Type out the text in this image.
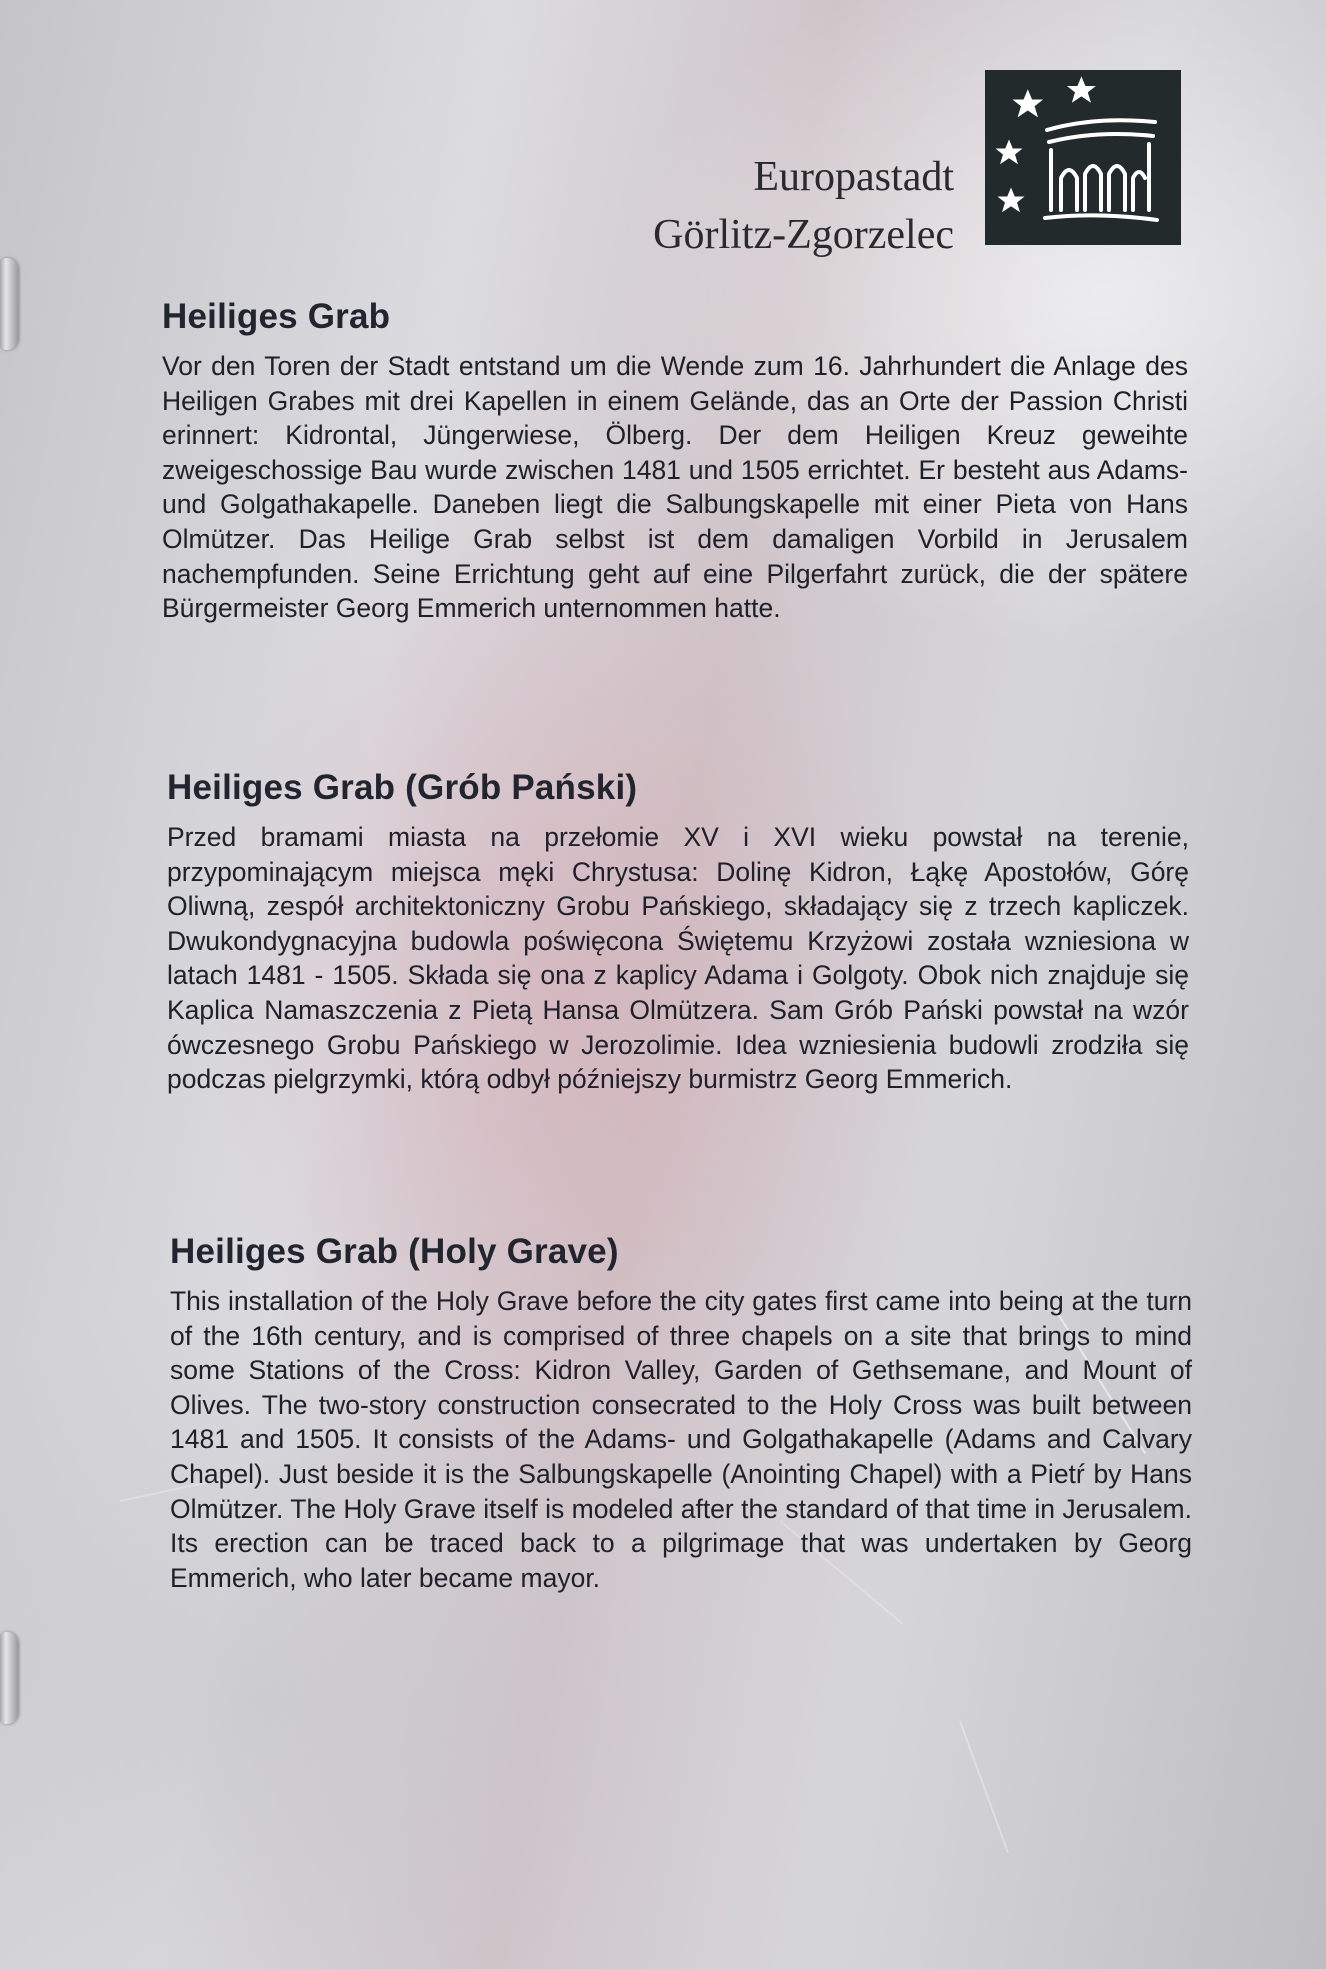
Europastadt
Görlitz-Zgorzelec
Heiliges Grab

Vor den Toren der Stadt entstand um die Wende zum 16. Jahrhundert die Anlage des Heiligen Grabes mit drei Kapellen in einem Gelände, das an Orte der Passion Christi erinnert: Kidrontal, Jüngerwiese, Ölberg. Der dem Heiligen Kreuz geweihte zweigeschossige Bau wurde zwischen 1481 und 1505 errichtet. Er besteht aus Adams- und Golgathakapelle. Daneben liegt die Salbungskapelle mit einer Pieta von Hans Olmützer. Das Heilige Grab selbst ist dem damaligen Vorbild in Jerusalem nachempfunden. Seine Errichtung geht auf eine Pilgerfahrt zurück, die der spätere Bürgermeister Georg Emmerich unternommen hatte.

Heiliges Grab (Grób Pański)

Przed bramami miasta na przełomie XV i XVI wieku powstał na terenie, przypominającym miejsca męki Chrystusa: Dolinę Kidron, Łąkę Apostołów, Górę Oliwną, zespół architektoniczny Grobu Pańskiego, składający się z trzech kapliczek. Dwukondygnacyjna budowla poświęcona Świętemu Krzyżowi została wzniesiona w latach 1481 - 1505. Składa się ona z kaplicy Adama i Golgoty. Obok nich znajduje się Kaplica Namaszczenia z Pietą Hansa Olmützera. Sam Grób Pański powstał na wzór ówczesnego Grobu Pańskiego w Jerozolimie. Idea wzniesienia budowli zrodziła się podczas pielgrzymki, którą odbył późniejszy burmistrz Georg Emmerich.

Heiliges Grab (Holy Grave)

This installation of the Holy Grave before the city gates first came into being at the turn of the 16th century, and is comprised of three chapels on a site that brings to mind some Stations of the Cross: Kidron Valley, Garden of Gethsemane, and Mount of Olives. The two-story construction consecrated to the Holy Cross was built between 1481 and 1505. It consists of the Adams- und Golgathakapelle (Adams and Calvary Chapel). Just beside it is the Salbungskapelle (Anointing Chapel) with a Pietŕ by Hans Olmützer. The Holy Grave itself is modeled after the standard of that time in Jerusalem. Its erection can be traced back to a pilgrimage that was undertaken by Georg Emmerich, who later became mayor.
